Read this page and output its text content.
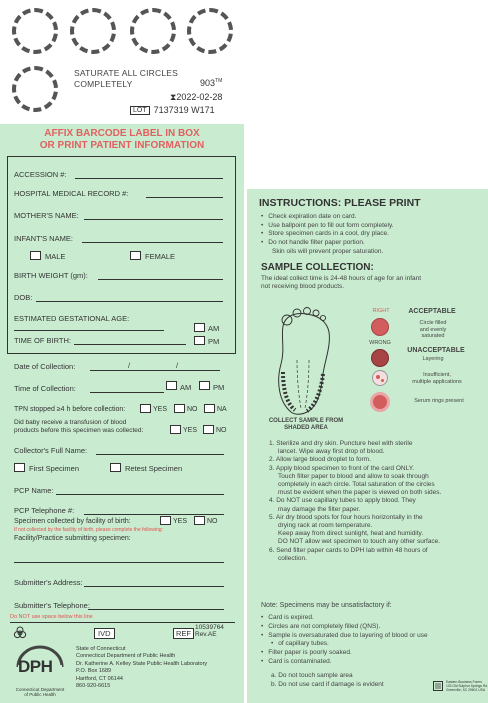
SATURATE ALL CIRCLES
COMPLETELY	903™
⧗2022-02-28
LOT 7137319 W171
AFFIX BARCODE LABEL IN BOX
OR PRINT PATIENT INFORMATION
ACCESSION #:
HOSPITAL MEDICAL RECORD #:
MOTHER'S NAME:
INFANT'S NAME:
MALE	FEMALE
BIRTH WEIGHT (gm):
DOB:
ESTIMATED GESTATIONAL AGE:
AM
TIME OF BIRTH:	PM
Date of Collection:	/	/
Time of Collection:	AM	PM
TPN stopped ≥4 h before collection:	YES	NO	NA
Did baby receive a transfusion of blood
products before this specimen was collected:	YES	NO
Collector's Full Name:
First Specimen	Retest Specimen
PCP Name:
PCP Telephone #:
Specimen collected by facility of birth:	YES	NO
If not collected by the facility of birth, please complete the following:
Facility/Practice submitting specimen:
Submitter's Address:
Submitter's Telephone:
Do NOT use space below this line
IVD	REF
10539764
Rev.AE
DPH
Connecticut Department
of Public Health
State of Connecticut
Connecticut Department of Public Health
Dr. Katherine A. Kelley State Public Health Laboratory
P.O. Box 1689
Hartford, CT 06144
860-920-6615
INSTRUCTIONS: PLEASE PRINT
• Check expiration date on card.
• Use ballpoint pen to fill out form completely.
• Store specimen cards in a cool, dry place.
• Do not handle filter paper portion.
Skin oils will prevent proper saturation.
SAMPLE COLLECTION:
The ideal collect time is 24-48 hours of age for an infant
not receiving blood products.
COLLECT SAMPLE FROM
SHADED AREA
RIGHT
WRONG
ACCEPTABLE
Circle filled
and evenly
saturated
UNACCEPTABLE
Layering
Insufficient,
multiple applications
Serum rings present
1. Sterilize and dry skin. Puncture heel with sterile
lancet. Wipe away first drop of blood.
2. Allow large blood droplet to form.
3. Apply blood specimen to front of the card ONLY.
Touch filter paper to blood and allow to soak through
completely in each circle. Total saturation of the circles
must be evident when the paper is viewed on both sides.
4. Do NOT use capillary tubes to apply blood. They
may damage the filter paper.
5. Air dry blood spots for four hours horizontally in the
drying rack at room temperature.
Keep away from direct sunlight, heat and humidity.
DO NOT allow wet specimen to touch any other surface.
6. Send filter paper cards to DPH lab within 48 hours of
collection.
Note: Specimens may be unsatisfactory if:
• Card is expired.
• Circles are not completely filled (QNS).
• Sample is oversaturated due to layering of blood or use
• of capillary tubes.
• Filter paper is poorly soaked.
• Card is contaminated.
a. Do not touch sample area
b. Do not use card if damage is evident	Eastern Business Forms
103 Old Sulphur Springs Rd.
Greenville, SC 29601 USA
